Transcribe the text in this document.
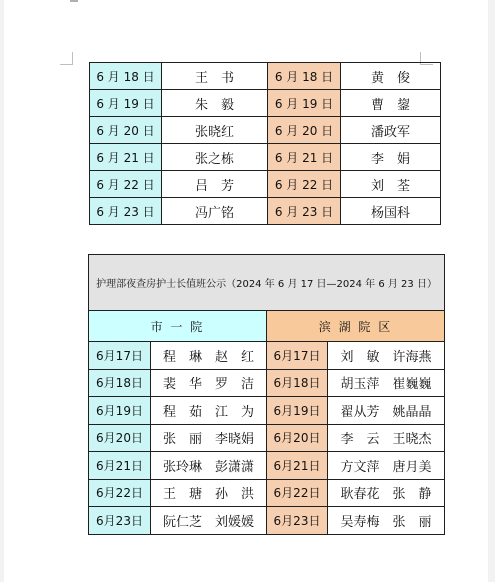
6 月 18 日	王　书	6 月 18 日	黄　俊
6 月 19 日	朱　毅	6 月 19 日	曹　鋆
6 月 20 日	张晓红	6 月 20 日	潘政军
6 月 21 日	张之栋	6 月 21 日	李　娟
6 月 22 日	吕　芳	6 月 22 日	刘　荃
6 月 23 日	冯广铭	6 月 23 日	杨国科
护理部夜查房护士长值班公示（2024 年 6 月 17 日—2024 年 6 月 23 日）			
市 一 院		滨 湖 院 区	
6月17日	程　琳　赵　红	6月17日	刘　敏　许海燕
6月18日	裴　华　罗　洁	6月18日	胡玉萍　崔巍巍
6月19日	程　茹　江　为	6月19日	翟从芳　姚晶晶
6月20日	张　丽　李晓娟	6月20日	李　云　王晓杰
6月21日	张玲琳　彭潇潇	6月21日	方文萍　唐月美
6月22日	王　瑭　孙　洪	6月22日	耿春花　张　静
6月23日	阮仁芝　刘媛媛	6月23日	吴寿梅　张　丽
